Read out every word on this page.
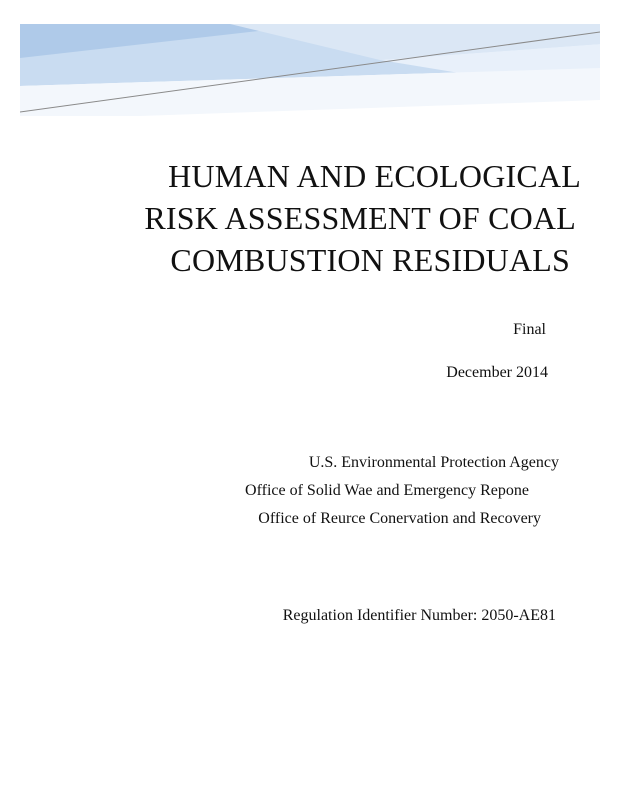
HUMAN AND ECOLOGICAL
RISK ASSESSMENT OF COAL
COMBUSTION RESIDUALS
Final
December 2014
U.S. Environmental Protection Agency
Office of Solid Wae and Emergency Repone
Office of Reurce Conervation and Recovery
Regulation Identifier Number: 2050-AE81
